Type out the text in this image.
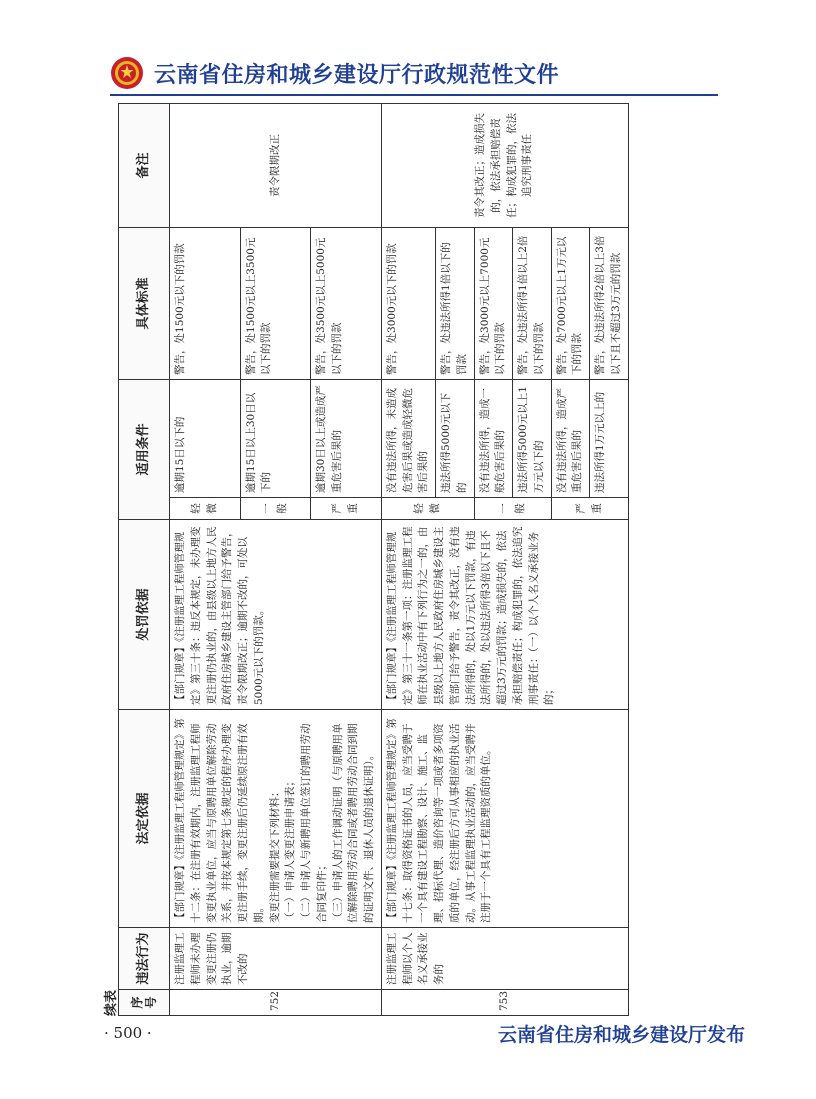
云南省住房和城乡建设厅行政规范性文件
续表 序号	违法行为	法定依据	处罚依据	适用条件		具体标准	备注
752	注册监理工程师未办理变更注册仍执业，逾期不改的	【部门规章】《注册监理工程师管理规定》第十二条：在注册有效期内，注册监理工程师变更执业单位，应当与原聘用单位解除劳动关系，并按本规定第七条规定的程序办理变更注册手续，变更注册后仍延续原注册有效期。 变更注册需要提交下列材料： （一）申请人变更注册申请表； （二）申请人与新聘用单位签订的聘用劳动合同复印件； （三）申请人的工作调动证明（与原聘用单位解除聘用劳动合同或者聘用劳动合同到期的证明文件、退休人员的退休证明）。	【部门规章】《注册监理工程师管理规定》第三十条：违反本规定，未办理变更注册仍执业的，由县级以上地方人民政府住房城乡建设主管部门给予警告，责令限期改正；逾期不改的，可处以5000元以下的罚款。	轻微	逾期15日以下的	警告，处1500元以下的罚款	责令限期改正
				一般	逾期15日以上30日以下的	警告，处1500元以上3500元以下的罚款	
				严重	逾期30日以上或造成严重危害后果的	警告，处3500元以上5000元以下的罚款	
753	注册监理工程师以个人名义承接业务的	【部门规章】《注册监理工程师管理规定》第十七条：取得资格证书的人员，应当受聘于一个具有建设工程勘察、设计、施工、监理、招标代理、造价咨询等一项或者多项资质的单位，经注册后方可从事相应的执业活动。从事工程监理执业活动的，应当受聘并注册于一个具有工程监理资质的单位。	【部门规章】《注册监理工程师管理规定》第三十一条第一项：注册监理工程师在执业活动中有下列行为之一的，由县级以上地方人民政府住房城乡建设主管部门给予警告，责令其改正，没有违法所得的，处以1万元以下罚款，有违法所得的，处以违法所得3倍以下且不超过3万元的罚款；造成损失的，依法承担赔偿责任；构成犯罪的，依法追究刑事责任：（一）以个人名义承接业务的；	轻微	没有违法所得，未造成危害后果或造成轻微危害后果的	警告，处3000元以下的罚款	责令其改正；造成损失的，依法承担赔偿责任；构成犯罪的，依法追究刑事责任
					违法所得5000元以下的	警告，处违法所得1倍以下的罚款	
				一般	没有违法所得，造成一般危害后果的	警告，处3000元以上7000元以下的罚款	
					违法所得5000元以上1万元以下的	警告，处违法所得1倍以上2倍以下的罚款	
				严重	没有违法所得，造成严重危害后果的	警告，处7000元以上1万元以下的罚款	
					违法所得1万元以上的	警告，处违法所得2倍以上3倍以下且不超过3万元的罚款	
· 500 ·	云南省住房和城乡建设厅发布
